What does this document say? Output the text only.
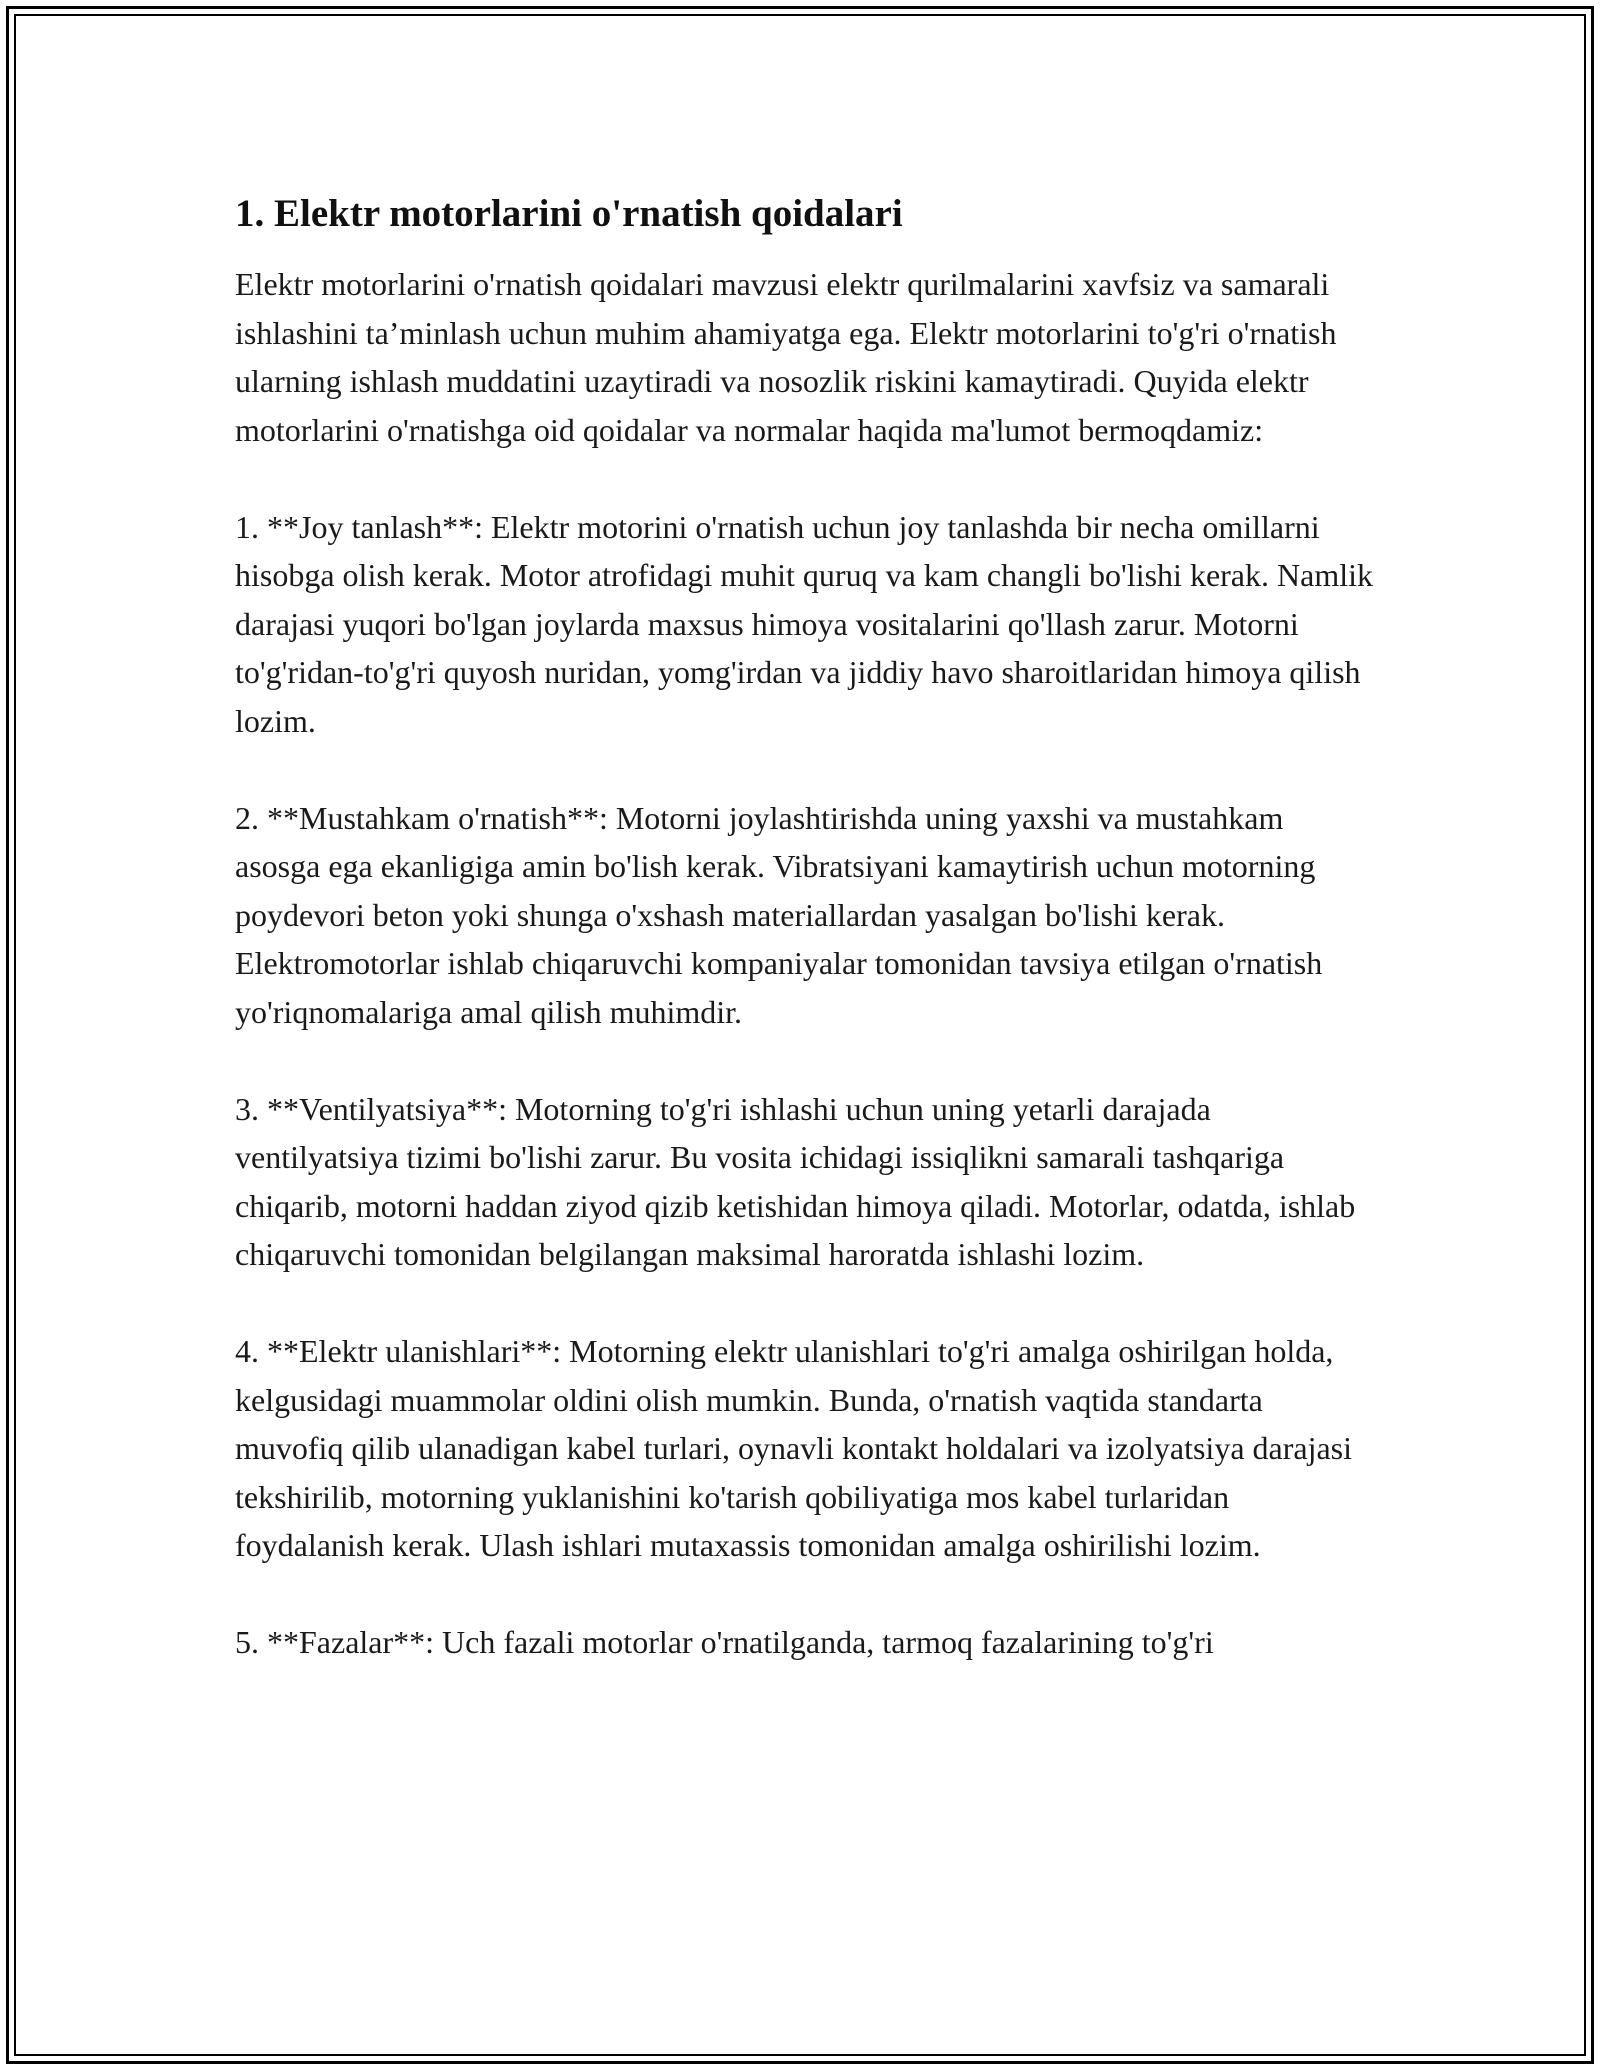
1. Elektr motorlarini o'rnatish qoidalari

Elektr motorlarini o'rnatish qoidalari mavzusi elektr qurilmalarini xavfsiz va samarali ishlashini ta’minlash uchun muhim ahamiyatga ega. Elektr motorlarini to'g'ri o'rnatish ularning ishlash muddatini uzaytiradi va nosozlik riskini kamaytiradi. Quyida elektr motorlarini o'rnatishga oid qoidalar va normalar haqida ma'lumot bermoqdamiz:

1. **Joy tanlash**: Elektr motorini o'rnatish uchun joy tanlashda bir necha omillarni hisobga olish kerak. Motor atrofidagi muhit quruq va kam changli bo'lishi kerak. Namlik darajasi yuqori bo'lgan joylarda maxsus himoya vositalarini qo'llash zarur. Motorni to'g'ridan-to'g'ri quyosh nuridan, yomg'irdan va jiddiy havo sharoitlaridan himoya qilish lozim.

2. **Mustahkam o'rnatish**: Motorni joylashtirishda uning yaxshi va mustahkam asosga ega ekanligiga amin bo'lish kerak. Vibratsiyani kamaytirish uchun motorning poydevori beton yoki shunga o'xshash materiallardan yasalgan bo'lishi kerak. Elektromotorlar ishlab chiqaruvchi kompaniyalar tomonidan tavsiya etilgan o'rnatish yo'riqnomalariga amal qilish muhimdir.

3. **Ventilyatsiya**: Motorning to'g'ri ishlashi uchun uning yetarli darajada ventilyatsiya tizimi bo'lishi zarur. Bu vosita ichidagi issiqlikni samarali tashqariga chiqarib, motorni haddan ziyod qizib ketishidan himoya qiladi. Motorlar, odatda, ishlab chiqaruvchi tomonidan belgilangan maksimal haroratda ishlashi lozim.

4. **Elektr ulanishlari**: Motorning elektr ulanishlari to'g'ri amalga oshirilgan holda, kelgusidagi muammolar oldini olish mumkin. Bunda, o'rnatish vaqtida standarta muvofiq qilib ulanadigan kabel turlari, oynavli kontakt holdalari va izolyatsiya darajasi tekshirilib, motorning yuklanishini ko'tarish qobiliyatiga mos kabel turlaridan foydalanish kerak. Ulash ishlari mutaxassis tomonidan amalga oshirilishi lozim.

5. **Fazalar**: Uch fazali motorlar o'rnatilganda, tarmoq fazalarining to'g'ri
